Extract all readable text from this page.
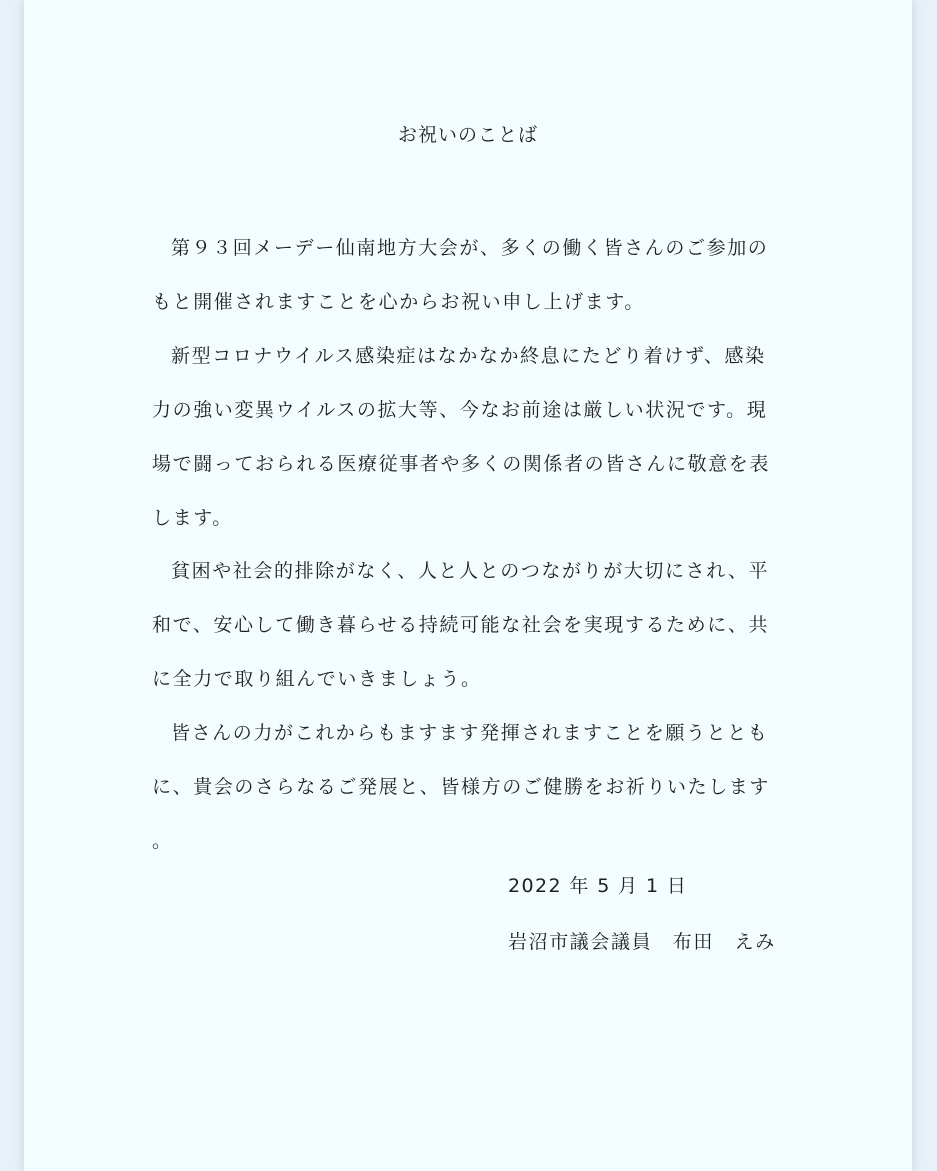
お祝いのことば

第９３回メーデー仙南地方大会が、多くの働く皆さんのご参加のもと開催されますことを心からお祝い申し上げます。

新型コロナウイルス感染症はなかなか終息にたどり着けず、感染力の強い変異ウイルスの拡大等、今なお前途は厳しい状況です。現場で闘っておられる医療従事者や多くの関係者の皆さんに敬意を表します。

貧困や社会的排除がなく、人と人とのつながりが大切にされ、平和で、安心して働き暮らせる持続可能な社会を実現するために、共に全力で取り組んでいきましょう。

皆さんの力がこれからもますます発揮されますことを願うとともに、貴会のさらなるご発展と、皆様方のご健勝をお祈りいたします。

2022 年 5 月 1 日
岩沼市議会議員　布田　えみ
